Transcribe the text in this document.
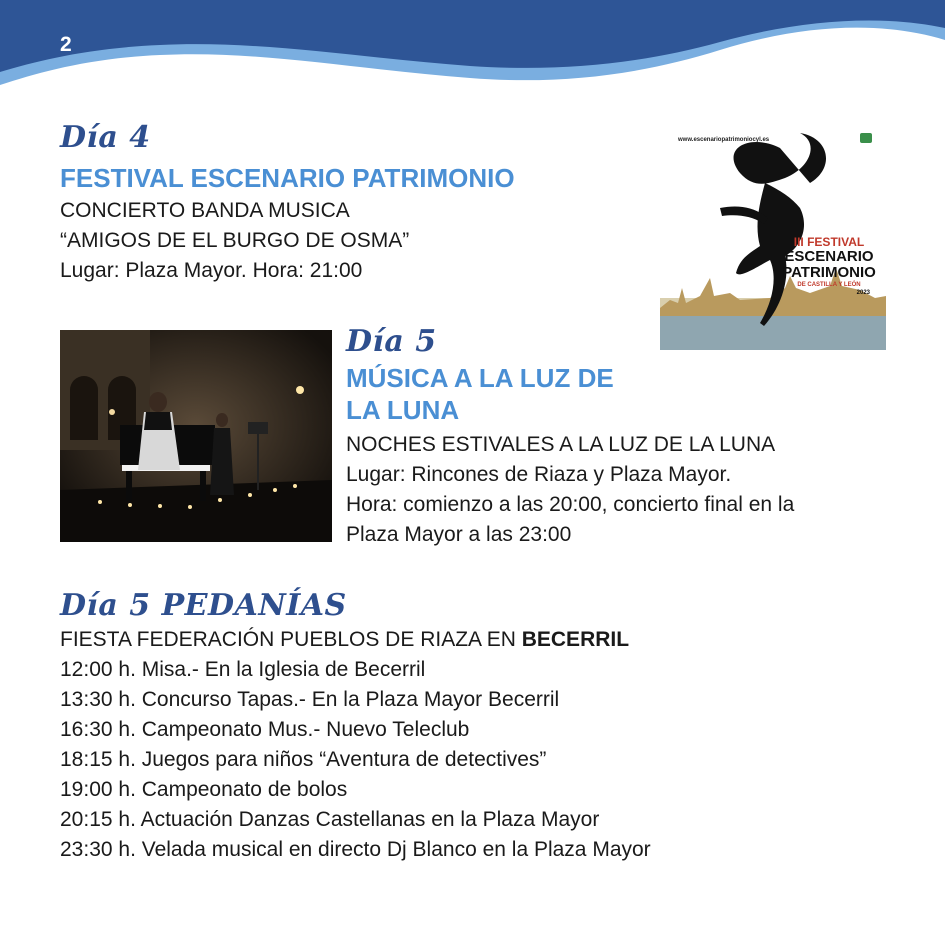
2
Día 4
FESTIVAL ESCENARIO PATRIMONIO
CONCIERTO BANDA MUSICA
“AMIGOS DE EL BURGO DE OSMA”
Lugar: Plaza Mayor. Hora: 21:00
www.escenariopatrimoniocyl.es
III FESTIVAL
ESCENARIO
PATRIMONIO
DE CASTILLA Y LEÓN
2023
Día 5
MÚSICA A LA LUZ DE
LA LUNA
NOCHES ESTIVALES A LA LUZ DE LA LUNA
Lugar: Rincones de Riaza y Plaza Mayor.
Hora: comienzo a las 20:00, concierto final en la
Plaza Mayor a las 23:00
Día 5 PEDANÍAS
FIESTA FEDERACIÓN PUEBLOS DE RIAZA EN BECERRIL
12:00 h. Misa.- En la Iglesia de Becerril
13:30 h. Concurso Tapas.- En la Plaza Mayor Becerril
16:30 h. Campeonato Mus.- Nuevo Teleclub
18:15 h. Juegos para niños “Aventura de detectives”
19:00 h. Campeonato de bolos
20:15 h. Actuación Danzas Castellanas en la Plaza Mayor
23:30 h. Velada musical en directo Dj Blanco en la Plaza Mayor
